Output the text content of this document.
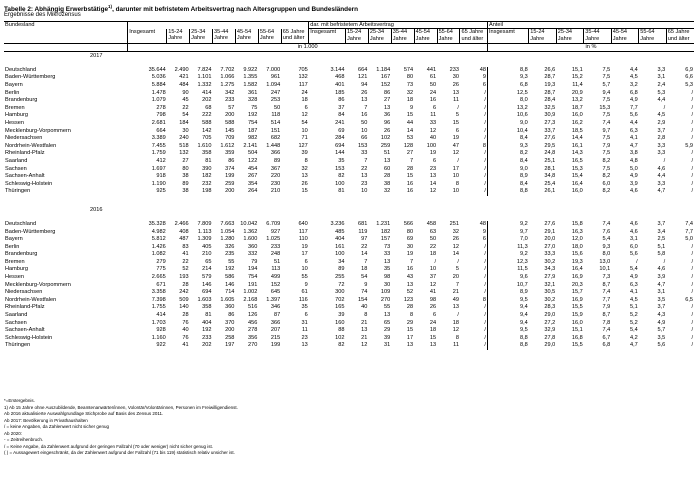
Tabelle 2: Abhängig Erwerbstätige$^{1)}$, darunter mit befristetem Arbeitsvertrag nach Altersgruppen und Bundesländern
Ergebnisse des Mikrozensus
Bundesland								dar. mit befristetem Arbeitsvertrag							Anteil						
	Insgesamt	15-24 Jahre	25-34 Jahre	35-44 Jahre	45-54 Jahre	55-64 Jahre	65 Jahre und älter	Insgesamt	15-24 Jahre	25-34 Jahre	35-44 Jahre	45-54 Jahre	55-64 Jahre	65 Jahre und älter	Insgesamt	15-24 Jahre	25-34 Jahre	35-44 Jahre	45-54 Jahre	55-64 Jahre	65 Jahre und älter
	in 1.000														in %						
2017																					

Deutschland	35.644	2.490	7.824	7.702	9.922	7.000	705	3.144	664	1.184	574	441	233	48	8,8	26,6	15,1	7,5	4,4	3,3	6,9
Baden-Württemberg	5.036	421	1.101	1.066	1.355	961	132	468	121	167	80	61	30	9	9,3	28,7	15,2	7,5	4,5	3,1	6,6
Bayern	5.884	484	1.332	1.275	1.582	1.094	117	401	94	152	73	50	26	6	6,8	19,3	11,4	5,7	3,2	2,4	5,3
Berlin	1.478	90	414	342	361	247	24	185	26	86	32	24	13	/	12,5	28,7	20,9	9,4	6,8	5,3	/
Brandenburg	1.079	45	202	233	328	253	18	86	13	27	18	16	11	/	8,0	28,4	13,2	7,5	4,9	4,4	/
Bremen	278	22	68	57	75	50	6	37	7	13	9	6	/	/	13,2	32,5	18,7	15,3	7,7	/	/
Hamburg	798	54	222	200	192	118	12	84	16	36	15	11	5	/	10,6	30,9	16,0	7,5	5,6	4,5	/
Hessen	2.681	184	588	588	754	514	54	241	50	96	44	33	15	/	9,0	27,3	16,2	7,4	4,4	2,9	/
Mecklenburg-Vorpommern	664	30	142	145	187	151	10	69	10	26	14	12	6	/	10,4	33,7	18,5	9,7	6,3	3,7	/
Niedersachsen	3.389	240	705	709	982	682	71	284	66	102	53	40	19	/	8,4	27,6	14,4	7,5	4,1	2,8	/
Nordrhein-Westfalen	7.455	518	1.610	1.612	2.141	1.448	127	694	153	259	128	100	47	8	9,3	29,5	16,1	7,9	4,7	3,3	5,9
Rheinland-Pfalz	1.759	132	358	359	504	366	39	144	33	51	27	19	12	/	8,2	24,8	14,3	7,5	3,8	3,3	/
Saarland	412	27	81	86	122	89	8	35	7	13	7	6	/	/	8,4	25,1	16,5	8,2	4,8	/	/
Sachsen	1.697	80	390	374	454	367	32	153	22	60	28	23	17	/	9,0	28,1	15,3	7,5	5,0	4,6	/
Sachsen-Anhalt	918	38	182	199	267	220	13	82	13	28	15	13	10	/	8,9	34,8	15,4	8,2	4,9	4,4	/
Schleswig-Holstein	1.190	89	232	259	354	230	26	100	23	38	16	14	8	/	8,4	25,4	16,4	6,0	3,9	3,3	/
Thüringen	925	38	198	200	264	210	15	81	10	32	16	12	10	/	8,8	26,1	16,0	8,2	4,6	4,7	/

2016																					

Deutschland	35.328	2.466	7.809	7.663	10.042	6.709	640	3.236	681	1.231	566	458	251	48	9,2	27,6	15,8	7,4	4,6	3,7	7,4
Baden-Württemberg	4.982	408	1.113	1.054	1.362	927	117	485	119	182	80	63	32	9	9,7	29,1	16,3	7,6	4,6	3,4	7,7
Bayern	5.812	487	1.309	1.280	1.600	1.025	110	404	97	157	69	50	26	6	7,0	20,0	12,0	5,4	3,1	2,5	5,0
Berlin	1.426	83	405	326	360	233	19	161	22	73	30	22	12	/	11,3	27,0	18,0	9,3	6,0	5,1	/
Brandenburg	1.082	41	210	235	332	248	17	100	14	33	19	18	14	/	9,2	33,3	15,6	8,0	5,6	5,8	/
Bremen	279	22	65	55	79	51	6	34	7	13	7	/	/	/	12,3	30,2	19,3	13,0	/	/	/
Hamburg	775	52	214	192	194	113	10	89	18	35	16	10	5	/	11,5	34,3	16,4	10,1	5,4	4,6	/
Hessen	2.665	193	579	586	754	499	55	255	54	98	43	37	20	/	9,6	27,9	16,9	7,3	4,9	3,9	/
Mecklenburg-Vorpommern	671	28	146	146	191	152	9	72	9	30	13	12	7	/	10,7	32,1	20,3	8,7	6,3	4,7	/
Niedersachsen	3.358	242	694	714	1.002	645	61	300	74	109	52	41	21	/	8,9	30,5	15,7	7,4	4,1	3,1	/
Nordrhein-Westfalen	7.398	509	1.603	1.605	2.168	1.397	116	702	154	270	123	98	49	8	9,5	30,2	16,9	7,7	4,5	3,5	6,5
Rheinland-Pfalz	1.755	140	358	360	516	346	35	165	40	55	28	26	13	/	9,4	28,3	15,5	7,9	5,1	3,7	/
Saarland	414	28	81	86	126	87	6	39	8	13	8	6	/	/	9,4	29,0	15,9	8,7	5,2	4,3	/
Sachsen	1.703	76	404	370	456	366	31	160	21	65	29	24	18	/	9,4	27,2	16,0	7,8	5,2	4,9	/
Sachsen-Anhalt	928	40	192	200	278	207	11	88	13	29	15	18	12	/	9,5	32,9	15,1	7,4	5,4	5,7	/
Schleswig-Holstein	1.160	76	233	258	356	215	23	102	21	39	17	15	8	/	8,8	27,8	16,8	6,7	4,2	3,5	/
Thüringen	922	41	202	197	270	199	13	82	12	31	13	13	11	/	8,8	29,0	15,5	6,8	4,7	5,6	/
*=Erstergebnis.
1) Ab 15 Jahre ohne Auszubildende, Beamtenanwärter/innen, Volontär/Volontärinnen, Personen im Freiwilligendienst.
Ab 2016 aktualisierte Auswahlgrundlage Stichprobe auf Basis des Zensus 2011.
Ab 2017: Bevölkerung in Privathaushalten
/ = keine Angaben, da Zahlenwert nicht sicher genug
Ab 2020:
- = Zeitreihenbruch.
/ = Keine Angabe, da Zahlenwert aufgrund der geringen Fallzahl (70 oder weniger) nicht sicher genug ist.
( ) = Aussagewert eingeschränkt, da der Zahlenwert aufgrund der Fallzahl (71 bis 119) statistisch relativ unsicher ist.
